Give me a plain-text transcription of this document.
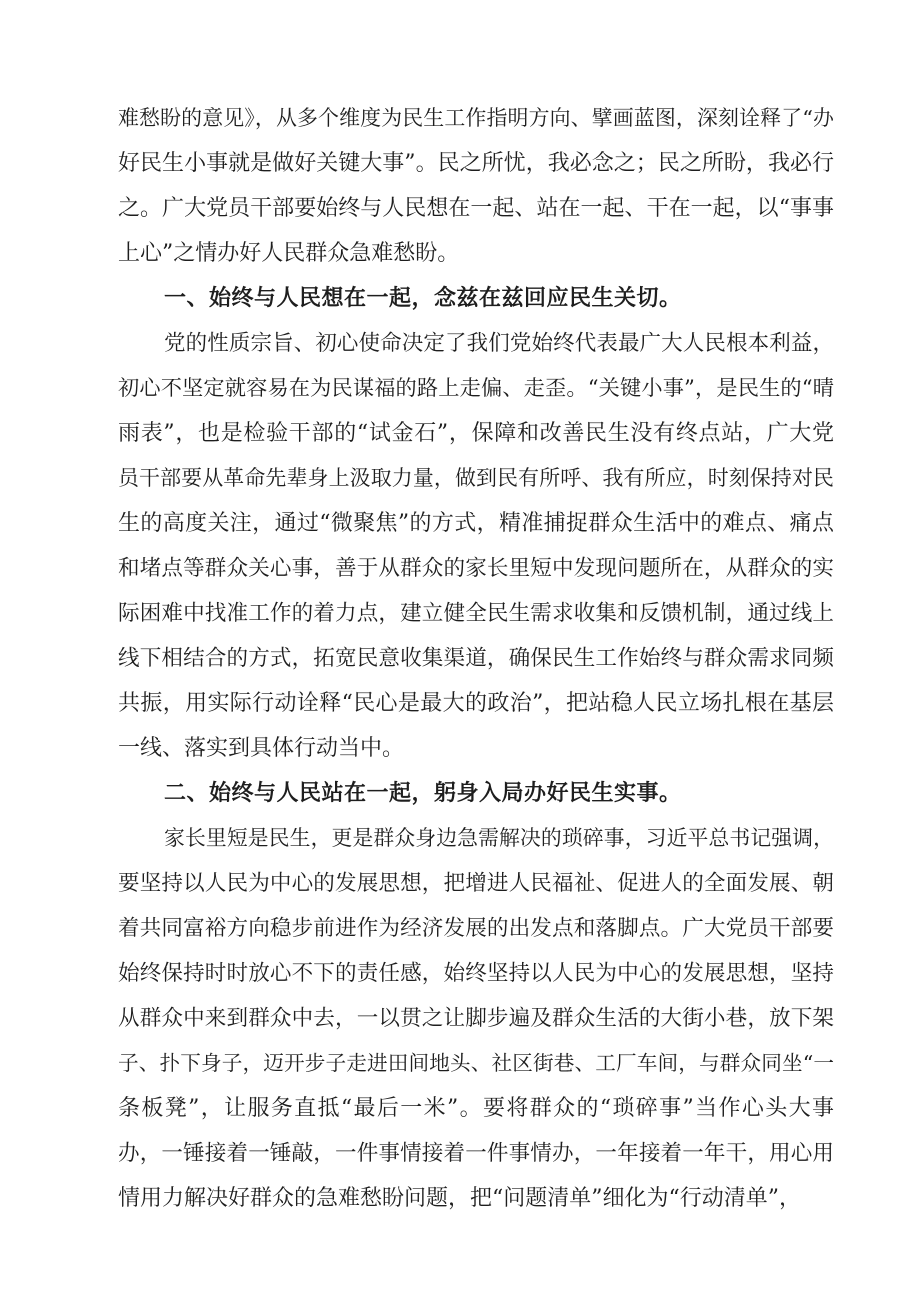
难愁盼的意见》，从多个维度为民生工作指明方向、擘画蓝图，深刻诠释了“办
好民生小事就是做好关键大事”。民之所忧，我必念之；民之所盼，我必行
之。广大党员干部要始终与人民想在一起、站在一起、干在一起，以“事事
上心”之情办好人民群众急难愁盼。
一、始终与人民想在一起，念兹在兹回应民生关切。
党的性质宗旨、初心使命决定了我们党始终代表最广大人民根本利益，
初心不坚定就容易在为民谋福的路上走偏、走歪。“关键小事”，是民生的“晴
雨表”，也是检验干部的“试金石”，保障和改善民生没有终点站，广大党
员干部要从革命先辈身上汲取力量，做到民有所呼、我有所应，时刻保持对民
生的高度关注，通过“微聚焦”的方式，精准捕捉群众生活中的难点、痛点
和堵点等群众关心事，善于从群众的家长里短中发现问题所在，从群众的实
际困难中找准工作的着力点，建立健全民生需求收集和反馈机制，通过线上
线下相结合的方式，拓宽民意收集渠道，确保民生工作始终与群众需求同频
共振，用实际行动诠释“民心是最大的政治”，把站稳人民立场扎根在基层
一线、落实到具体行动当中。
二、始终与人民站在一起，躬身入局办好民生实事。
家长里短是民生，更是群众身边急需解决的琐碎事，习近平总书记强调，
要坚持以人民为中心的发展思想，把增进人民福祉、促进人的全面发展、朝
着共同富裕方向稳步前进作为经济发展的出发点和落脚点。广大党员干部要
始终保持时时放心不下的责任感，始终坚持以人民为中心的发展思想，坚持
从群众中来到群众中去，一以贯之让脚步遍及群众生活的大街小巷，放下架
子、扑下身子，迈开步子走进田间地头、社区街巷、工厂车间，与群众同坐“一
条板凳”，让服务直抵“最后一米”。要将群众的“琐碎事”当作心头大事
办，一锤接着一锤敲，一件事情接着一件事情办，一年接着一年干，用心用
情用力解决好群众的急难愁盼问题，把“问题清单”细化为“行动清单”，
